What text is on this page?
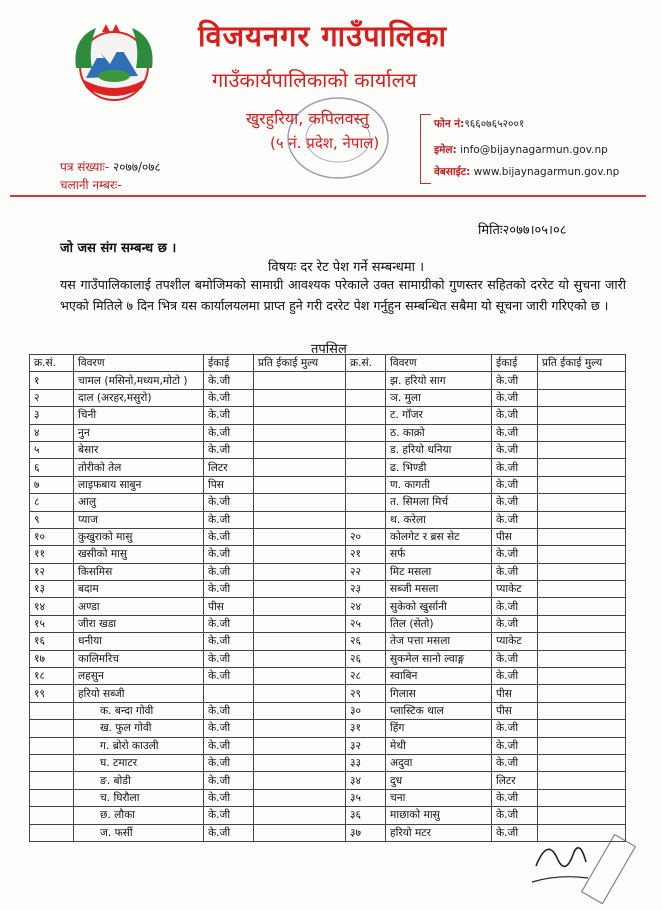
विजयनगर गाउँपालिका
गाउँकार्यपालिकाको कार्यालय
खुरहुरिया, कपिलवस्तु
(५ नं. प्रदेश, नेपाल)
फोन नं:९६६०७६५२००१
इमेल: info@bijaynagarmun.gov.np
वेबसाईट: www.bijaynagarmun.gov.np
पत्र संख्याः- २०७७/०७८
चलानी नम्बरः-
मितिः२०७७।०५।०८
जो जस संग सम्बन्ध छ ।
विषयः दर रेट पेश गर्ने सम्बन्धमा ।
यस गाउँपालिकालाई तपशील बमोजिमको सामाग्री आवश्यक परेकाले उक्त सामाग्रीको गुणस्तर सहितको दररेट यो सुचना जारी भएको मितिले ७ दिन भित्र यस कार्यालयलमा प्राप्त हुने गरी दररेट पेश गर्नुहुन सम्बन्धित सबैमा यो सूचना जारी गरिएको छ ।
तपसिल
क्र.सं.	विवरण	ईकाई	प्रति ईकाई मुल्य	क्र.सं.	विवरण	ईकाई	प्रति ईकाई मुल्य
१	चामल (मसिनो,मध्यम,मोटो )	के.जी			झ. हरियो साग	के.जी	
२	दाल (अरहर,मसुरो)	के.जी			ञ. मुला	के.जी	
३	चिनी	के.जी			ट. गाँजर	के.जी	
४	नुन	के.जी			ठ. काक्रो	के.जी	
५	बेसार	के.जी			ड. हरियो धनिया	के.जी	
६	तोरीको तेल	लिटर			ढ. भिण्डी	के.जी	
७	लाइफबाय साबुन	पिस			ण. कागती	के.जी	
८	आलु	के.जी			त. सिमला मिर्च	के.जी	
९	प्याज	के.जी			थ. करेला	के.जी	
१०	कुखुराको मासु	के.जी		२०	कोलगेट र ब्रस सेट	पीस	
११	खसीको मासु	के.जी		२१	सर्फ	के.जी	
१२	किसमिस	के.जी		२२	मिट मसला	के.जी	
१३	बदाम	के.जी		२३	सब्जी मसला	प्याकेट	
१४	अण्डा	पीस		२४	सुकेको खुर्सानी	के.जी	
१५	जीरा खडा	के.जी		२५	तिल (सेतो)	के.जी	
१६	धनीया	के.जी		२६	तेज पत्ता मसला	प्याकेट	
१७	कालिमरिच	के.जी		२६	सुकमेल सानो ल्वाङ्ग	के.जी	
१८	लहसुन	के.जी		२८	स्वाबिन	के.जी	
१९	हरियो सब्जी			२९	गिलास	पीस	
	क. बन्दा गोवी	के.जी		३०	प्लास्टिक थाल	पीस	
	ख. फुल गोवी	के.जी		३१	हिंग	के.जी	
	ग. ब्रोरो काउली	के.जी		३२	मेथी	के.जी	
	घ. टमाटर	के.जी		३३	अदुवा	के.जी	
	ङ. बोडी	के.जी		३४	दुध	लिटर	
	च. घिरौला	के.जी		३५	चना	के.जी	
	छ. लौका	के.जी		३६	माछाको मासु	के.जी	
	ज. फर्सी	के.जी		३७	हरियो मटर	के.जी	
